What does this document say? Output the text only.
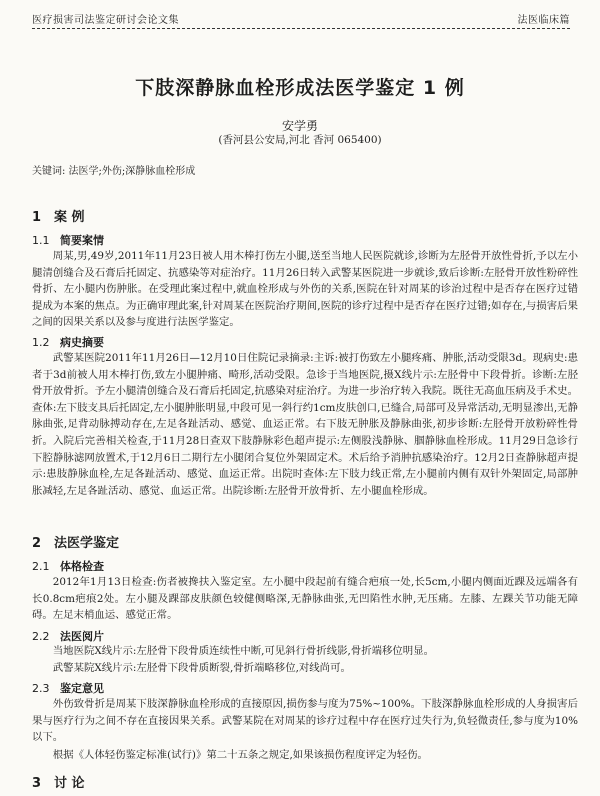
医疗损害司法鉴定研讨会论文集	法医临床篇
下肢深静脉血栓形成法医学鉴定 1 例
安学勇
(香河县公安局,河北 香河 065400)
关键词: 法医学;外伤;深静脉血栓形成
1 案 例
1.1 简要案情
周某,男,49岁,2011年11月23日被人用木棒打伤左小腿,送至当地人民医院就诊,诊断为左胫骨开放性骨折,予以左小腿清创缝合及石膏后托固定、抗感染等对症治疗。11月26日转入武警某医院进一步就诊,致后诊断:左胫骨开放性粉碎性骨折、左小腿内伤肿胀。在受理此案过程中,就血栓形成与外伤的关系,医院在针对周某的诊治过程中是否存在医疗过错提成为本案的焦点。为正确审理此案,针对周某在医院治疗期间,医院的诊疗过程中是否存在医疗过错;如存在,与损害后果之间的因果关系以及参与度进行法医学鉴定。
1.2 病史摘要
武警某医院2011年11月26日—12月10日住院记录摘录:主诉:被打伤致左小腿疼痛、肿胀,活动受限3d。现病史:患者于3d前被人用木棒打伤,致左小腿肿痛、畸形,活动受限。急诊于当地医院,摄X线片示:左胫骨中下段骨折。诊断:左胫骨开放骨折。予左小腿清创缝合及石膏后托固定,抗感染对症治疗。为进一步治疗转入我院。既往无高血压病及手术史。查体:左下肢支具后托固定,左小腿肿胀明显,中段可见一斜行约1cm皮肤创口,已缝合,局部可及异常活动,无明显渗出,无静脉曲张,足背动脉搏动存在,左足各趾活动、感觉、血运正常。右下肢无肿胀及静脉曲张,初步诊断:左胫骨开放粉碎性骨折。入院后完善相关检查,于11月28日查双下肢静脉彩色超声提示:左侧股浅静脉、腘静脉血栓形成。11月29日急诊行下腔静脉滤网放置术,于12月6日二期行左小腿闭合复位外架固定术。术后给予消肿抗感染治疗。12月2日查静脉超声提示:患肢静脉血栓,左足各趾活动、感觉、血运正常。出院时查体:左下肢力线正常,左小腿前内侧有双针外架固定,局部肿胀减轻,左足各趾活动、感觉、血运正常。出院诊断:左胫骨开放骨折、左小腿血栓形成。
2 法医学鉴定
2.1 体格检查
2012年1月13日检查:伤者被搀扶入鉴定室。左小腿中段起前有缝合疤痕一处,长5cm,小腿内侧面近踝及远端各有长0.8cm疤痕2处。左小腿及踝部皮肤颜色较健侧略深,无静脉曲张,无凹陷性水肿,无压痛。左膝、左踝关节功能无障碍。左足末梢血运、感觉正常。
2.2 法医阅片
当地医院X线片示:左胫骨下段骨质连续性中断,可见斜行骨折线影,骨折端移位明显。
武警某院X线片示:左胫骨下段骨质断裂,骨折端略移位,对线尚可。
2.3 鉴定意见
外伤致骨折是周某下肢深静脉血栓形成的直接原因,损伤参与度为75%~100%。下肢深静脉血栓形成的人身损害后果与医疗行为之间不存在直接因果关系。武警某院在对周某的诊疗过程中存在医疗过失行为,负轻微责任,参与度为10%以下。
根据《人体轻伤鉴定标准(试行)》第二十五条之规定,如果该损伤程度评定为轻伤。
3 讨 论
